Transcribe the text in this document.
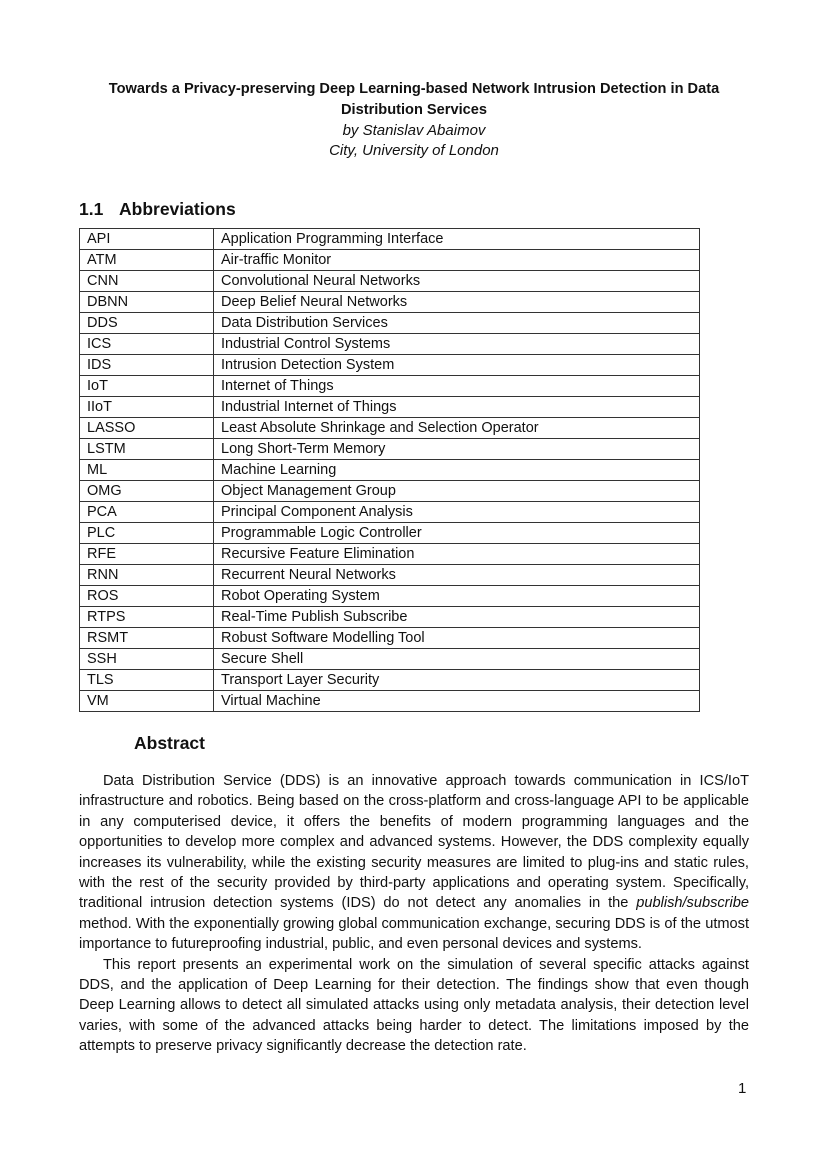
Towards a Privacy-preserving Deep Learning-based Network Intrusion Detection in Data Distribution Services

by Stanislav Abaimov
City, University of London
1.1 Abbreviations
API	Application Programming Interface
ATM	Air-traffic Monitor
CNN	Convolutional Neural Networks
DBNN	Deep Belief Neural Networks
DDS	Data Distribution Services
ICS	Industrial Control Systems
IDS	Intrusion Detection System
IoT	Internet of Things
IIoT	Industrial Internet of Things
LASSO	Least Absolute Shrinkage and Selection Operator
LSTM	Long Short-Term Memory
ML	Machine Learning
OMG	Object Management Group
PCA	Principal Component Analysis
PLC	Programmable Logic Controller
RFE	Recursive Feature Elimination
RNN	Recurrent Neural Networks
ROS	Robot Operating System
RTPS	Real-Time Publish Subscribe
RSMT	Robust Software Modelling Tool
SSH	Secure Shell
TLS	Transport Layer Security
VM	Virtual Machine
Abstract

Data Distribution Service (DDS) is an innovative approach towards communication in ICS/IoT infrastructure and robotics. Being based on the cross-platform and cross-language API to be applicable in any computerised device, it offers the benefits of modern programming languages and the opportunities to develop more complex and advanced systems. However, the DDS complexity equally increases its vulnerability, while the existing security measures are limited to plug-ins and static rules, with the rest of the security provided by third-party applications and operating system. Specifically, traditional intrusion detection systems (IDS) do not detect any anomalies in the publish/subscribe method. With the exponentially growing global communication exchange, securing DDS is of the utmost importance to futureproofing industrial, public, and even personal devices and systems.

This report presents an experimental work on the simulation of several specific attacks against DDS, and the application of Deep Learning for their detection. The findings show that even though Deep Learning allows to detect all simulated attacks using only metadata analysis, their detection level varies, with some of the advanced attacks being harder to detect. The limitations imposed by the attempts to preserve privacy significantly decrease the detection rate.

1
